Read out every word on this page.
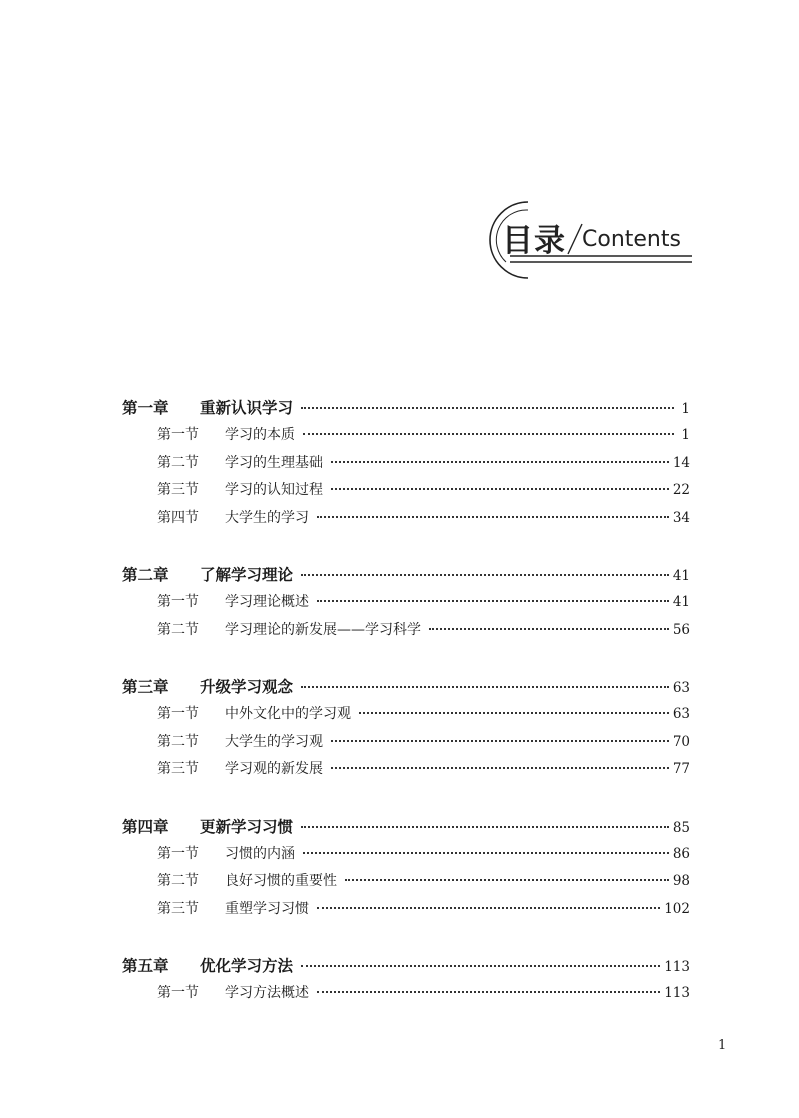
目录 Contents
第一章	重新认识学习	1
第一节	学习的本质	1
第二节	学习的生理基础	14
第三节	学习的认知过程	22
第四节	大学生的学习	34
第二章	了解学习理论	41
第一节	学习理论概述	41
第二节	学习理论的新发展——学习科学	56
第三章	升级学习观念	63
第一节	中外文化中的学习观	63
第二节	大学生的学习观	70
第三节	学习观的新发展	77
第四章	更新学习习惯	85
第一节	习惯的内涵	86
第二节	良好习惯的重要性	98
第三节	重塑学习习惯	102
第五章	优化学习方法	113
第一节	学习方法概述	113
1
